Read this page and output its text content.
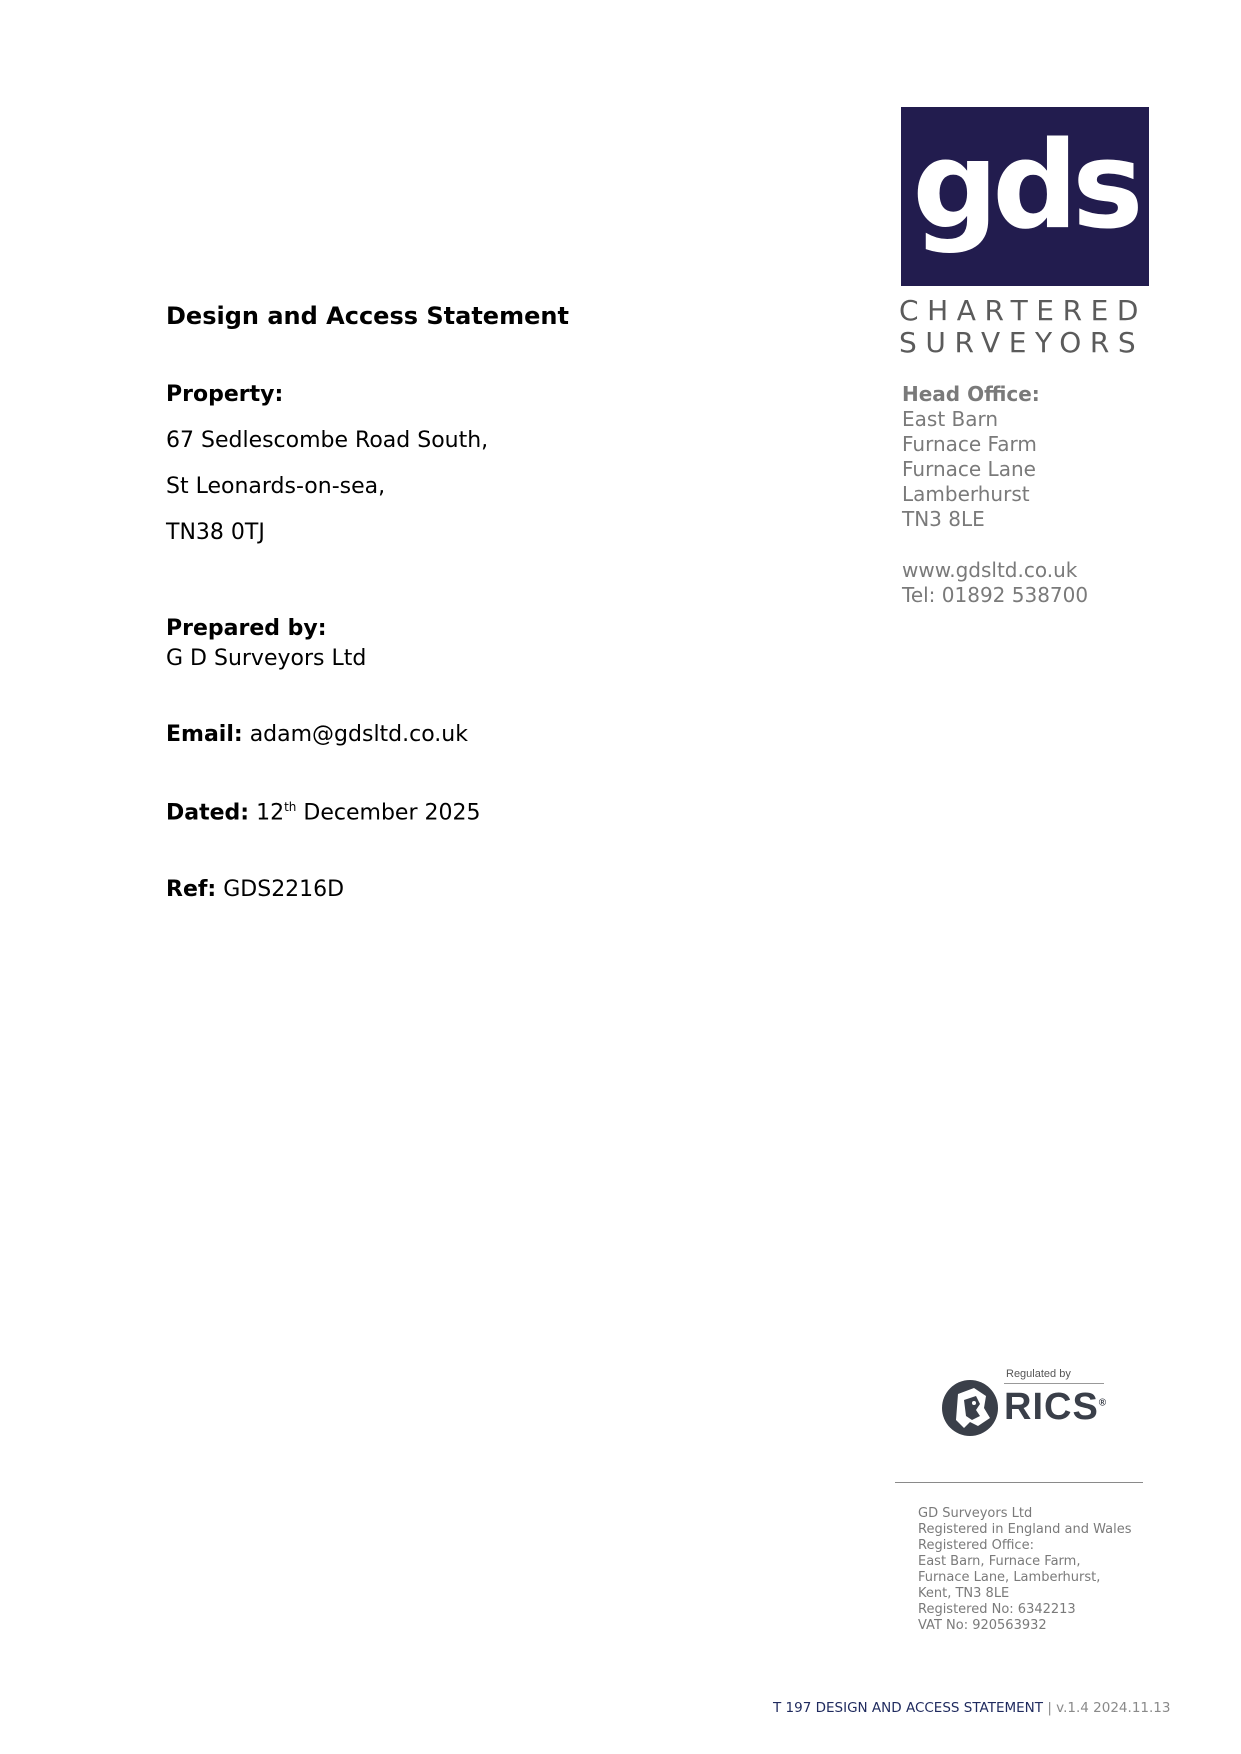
Design and Access Statement
Property:
67 Sedlescombe Road South,
St Leonards-on-sea,
TN38 0TJ
Prepared by:
G D Surveyors Ltd
Email: adam@gdsltd.co.uk
Dated: 12th December 2025
Ref: GDS2216D
gds
CHARTERED
SURVEYORS
Head Office:
East Barn
Furnace Farm
Furnace Lane
Lamberhurst
TN3 8LE
www.gdsltd.co.uk
Tel: 01892 538700
Regulated by
RICS®
GD Surveyors Ltd
Registered in England and Wales
Registered Office:
East Barn, Furnace Farm,
Furnace Lane, Lamberhurst,
Kent, TN3 8LE
Registered No: 6342213
VAT No: 920563932
T 197 DESIGN AND ACCESS STATEMENT | v.1.4 2024.11.13
